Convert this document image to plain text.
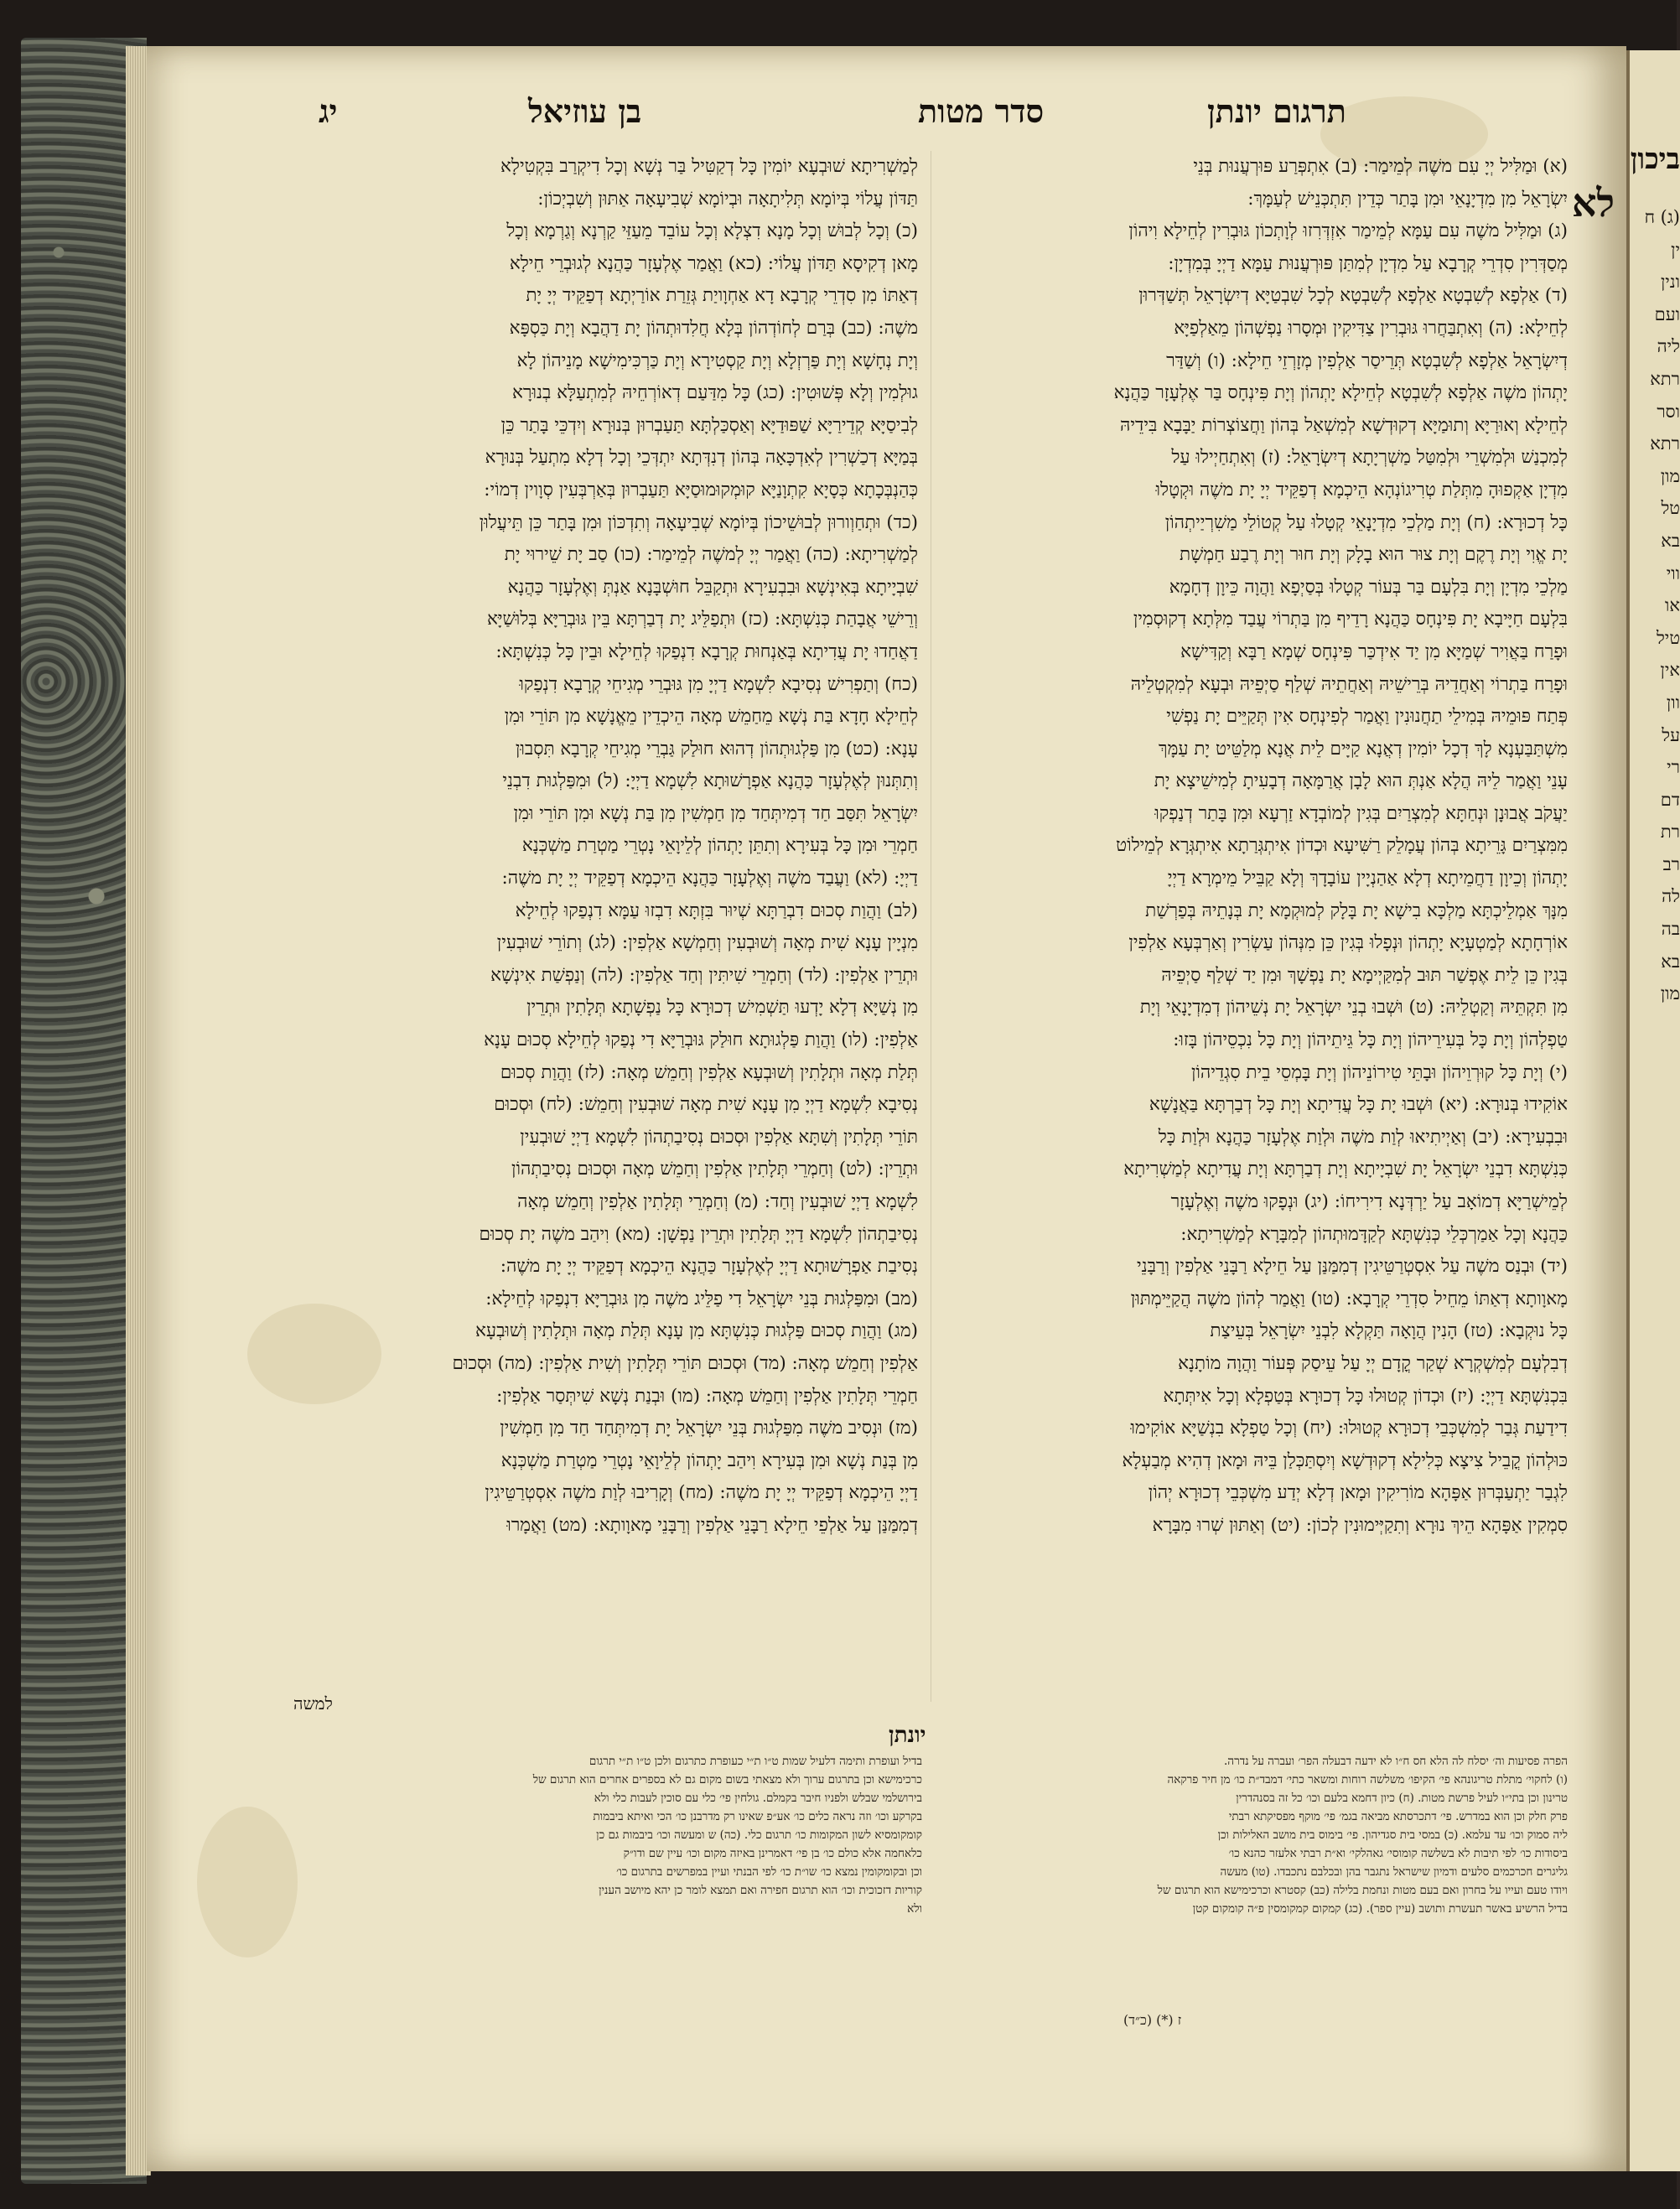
יג	בן עוזיאל	סדר מטות	תרגום יונתן
לא
(א) וּמַלִּיל יְיָ עִם משֶׁה לְמֵימַר: (ב) אִתְפְּרַע פּוּרְעֲנוּת בְּנֵי
יִשְׂרָאֵל מִן מִדְיָנָאֵי וּמִן בָּתַר כְּדֵין תִּתְכְּנֵישׁ לְעַמָּךְ:
(ג) וּמַלִּיל משֶׁה עִם עַמָּא לְמֵימַר אִזְדְּרִזוּ לְוָתְכוֹן גּוּבְרִין לְחֵילָא וִיהוֹן
מְסַדְּרִין סִדְרֵי קְרָבָא עַל מִדְיָן לְמִתַּן פּוּרְעֲנוּת עַמָּא דַיְיָ בְּמִדְיָן:
(ד) אַלְפָא לְשִׁבְטָא אַלְפָא לְשִׁבְטָא לְכָל שִׁבְטַיָּא דְיִשְׂרָאֵל תְּשַׁדְּרוּן
לְחֵילָא: (ה) וְאִתְבַּחֲרוּ גּוּבְרִין צַדִּיקִין וּמְסָרוּ נַפְשְׁהוֹן מֵאַלְפַיָּא
דְיִשְׂרָאֵל אַלְפָא לְשִׁבְטָא תְּרֵיסַר אַלְפִין מְזָרְזֵי חֵילָא: (ו) וְשַׁדַּר
יָתְהוֹן משֶׁה אַלְפָא לְשִׁבְטָא לְחֵילָא יָתְהוֹן וְיָת פִּינְחָס בַּר אֶלְעָזָר כַּהֲנָא
לְחֵילָא וְאוּרַיָּא וְתוּמַיָּא דְקוּדְשָׁא לְמִשְׁאַל בְּהוֹן וַחֲצוֹצְרוֹת יַבָּבָא בִּידֵיהּ
לְמִכְנַשׁ וּלְמִשְׁרֵי וּלְמִטַּל מַשְׁרְיָתָא דְיִשְׂרָאֵל: (ז) וְאִתְחַיְילוּ עַל
מִדְיָן אַקְפוּהָ מִתְּלַת טְרִיגוֹנְהָא הֵיכְמָא דְפַקֵּיד יְיָ יָת משֶׁה וּקְטָלוּ
כָּל דְכוּרָא: (ח) וְיָת מַלְכֵי מִדְיָנָאֵי קְטָלוּ עַל קְטוֹלֵי מַשִׁרְיַיתְהוֹן
יָת אֱוִי וְיָת רֶקֶם וְיָת צוּר הוּא בָלָק וְיָת חוּר וְיָת רֶבַע חַמְשָׁת
מַלְכֵי מִדְיָן וְיָת בִּלְעָם בַּר בְּעוֹר קְטָלוּ בְּסַיְפָא וַהֲוָה כֵּיוָן דְחָמָא
בִּלְעָם חַיָּיבָא יָת פִּינְחָס כַּהֲנָא רָדֵיף מִן בַּתְרוֹי עֲבַד מִלְּתָא דְקוּסְמִין
וּפָרַח בַּאֲוִיר שְׁמַיָּא מִן יַד אִידְכַּר פִּינְחָס שְׁמָא רַבָּא וְקַדִּישָׁא
וּפָרַח בַּתְרוֹי וְאַחֲדֵיהּ בְּרֵישֵׁיהּ וְאַחֲתֵיהּ שְׁלַף סַיְפֵיהּ וּבְעָא לְמִקְטְלֵיהּ
פְּתַח פּוּמֵיהּ בְּמִילֵי תַחֲנוּנִין וַאֲמַר לְפִינְחָס אִין תְּקַיֵּים יָת נַפְשִׁי
מִשְׁתַּבַּעְנָא לָךְ דְכָל יוֹמִין דְאֲנָא קַיָּים לֵית אֲנָא מְלַטֵּיט יָת עַמָּךְ
עָנֵי וַאֲמַר לֵיהּ הֲלָא אַנְתְּ הוּא לָבָן אֲרַמָּאָה דְבָעִיתָ לְמִישֵׁיצָא יָת
יַעֲקֹב אֲבוּנָן וּנְחַתָּא לְמִצְרַיִם בְּגִין לְמוֹבְדָא זַרְעָא וּמִן בָּתַר דְנַפְקוּ
מִמִּצְרַיִם גָּרֵיתָא בְּהוֹן עֲמָלֵק רַשִּׁיעָא וּכְדוֹן אִיתְגְּרַתָא אִיתְגְּרָא לְמֵילוֹט
יָתְהוֹן וְכֵיוָן דַחֲמֵיתָא דְלָא אַהַנְיָין עוֹבָדָךְ וְלָא קַבֵּיל מֵימְרָא דַיְיָ
מִנָּךְ אַמְלֵיכְתָּא מַלְכָּא בִישָׁא יָת בָּלָק לְמוּקְמָא יָת בְּנָתֵיהּ בְּפַרְשַׁת
אוֹרְחָתָא לְמַטְעָיָא יָתְהוֹן וּנְפָלוּ בְּגִין כֵּן מִנְּהוֹן עַשְׂרִין וְאַרְבְּעָא אַלְפִין
בְּגִין כֵּן לֵית אֶפְשַׁר תּוּב לְמִקַּיְימָא יָת נַפְשָׁךְ וּמִן יַד שְׁלַף סַיְפֵיהּ
מִן תִּקְתֵּיהּ וְקַטְלֵיהּ: (ט) וּשְׁבוּ בְנֵי יִשְׂרָאֵל יָת נְשֵׁיהוֹן דְמִדְיָנָאֵי וְיָת
טַפְלְהוֹן וְיָת כָּל בְּעִירֵיהוֹן וְיָת כָּל גֵּיתֵיהוֹן וְיָת כָּל נִכְסֵיהוֹן בָּזוּ:
(י) וְיָת כָּל קוּרְוֵיהוֹן וּבָתֵּי טִירוֹנֵיהוֹן וְיָת בָּמְסֵי בֵית סִגְדֵיהוֹן
אוֹקִידוּ בְּנוּרָא: (יא) וּשְׁבוּ יָת כָּל עֲדִיתָא וְיָת כָּל דְבַרְתָּא בַּאֲנָשָׁא
וּבִבְעִירָא: (יב) וְאַיְיתִיאוּ לְוַת משֶׁה וּלְוַת אֶלְעָזָר כַּהֲנָא וּלְוַת כָּל
כְּנִשְׁתָּא דִבְנֵי יִשְׂרָאֵל יָת שִׁבְיָיתָא וְיָת דְבַרְתָּא וְיָת עֲדִיתָא לְמַשְׁרִיתָא
לְמֵישְׁרַיָּא דְמוֹאָב עַל יַרְדְּנָא דִירִיחוֹ: (יג) וּנְפָקוּ משֶׁה וְאֶלְעָזָר
כַּהֲנָא וְכָל אַמַרְכְּלֵי כְּנִשְׁתָּא לְקַדָּמוּתְהוֹן לְמִבָּרָא לְמַשְׁרִיתָא:
(יד) וּבְנַס משֶׁה עַל אִסְטְרַטֵּיגִין דְמִמַּנַּן עַל חֵילָא רַבָּנֵי אַלְפִין וְרַבָּנֵי
מָאוָותָא דְאַתּוֹ מֵחֵיל סִדְרֵי קְרָבָא: (טו) וַאֲמַר לְהוֹן משֶׁה הֲקַיֵּימְתּוּן
כָּל נוּקְבָא: (טז) הָנִין הֲוָאָה תַּקְלָא לִבְנֵי יִשְׂרָאֵל בְּעֵיצַת
דְבִלְעָם לְמִשְׁקְרָא שְׁקַר קֳדָם יְיָ עַל עֵיסַק פְּעוֹר וַהֲוָה מוֹתָנָא
בִּכְנִשְׁתָּא דַיְיָ: (יז) וּכְדוֹן קְטוּלוּ כָּל דְכוּרָא בְּטַפְלָא וְכָל אִיתְּתָא
דִידַעַת גְּבַר לְמִשְׁכְּבֵי דְכוּרָא קְטוּלוּ: (יח) וְכָל טַפְלָא בִנְשַׁיָּא אוֹקִימוּ
כּוּלְהוֹן קֳבֵיל צִיצָא כְּלִילָא דְקוּדְשָׁא וְיִסְתַּכְּלַן בֵּיהּ וּמָאן דְהִיא מְבַעְלָא
לִגְבַר יַתְעַבְּרוּן אַפָּהָא מוֹרִיקִין וּמָאן דְלָא יְדַע מִשְׁכְּבֵי דְכוּרָא יְהוֹן
סִמְקִין אַפָּהָא הֵיךְ נוּרָא וְתִקַיְּימוּנִין לְכוֹן: (יט) וְאַתּוּן שְׁרוּ מִבָּרָא
לְמַשְׁרִיתָא שׁוּבְעָא יוֹמִין כָּל דְקַטִּיל בַּר נְשָׁא וְכָל דִיקְרַב בִּקְטִילָא
תַּדּוֹן עֲלוֹי בְּיוֹמָא תְּלִיתָאָה וּבְיוֹמָא שְׁבִיעָאָה אַתּוּן וְשִׁבְיְכוֹן:
(כ) וְכָל לְבוּשׁ וְכָל מָנָא דִצְלָא וְכָל עוֹבֵד מֵעַזֵּי קַרְנָא וְגַרְמָא וְכָל
מָאן דְקִיסָא תַּדּוֹן עֲלוֹי: (כא) וַאֲמַר אֶלְעָזָר כַּהֲנָא לְגוּבְרֵי חֵילָא
דְאַתּוֹ מִן סִדְרֵי קְרָבָא דָא אַחְוָויַת גְּזֵרַת אוֹרַיְתָא דְפַקֵּיד יְיָ יָת
משֶׁה: (כב) בְּרַם לְחוֹדְהוֹן בְּלָא חֲלִדוּתְהוֹן יָת דַהֲבָא וְיָת כַּסְפָּא
וְיָת נְחָשָׁא וְיָת פַּרְזְלָא וְיָת קַסְטִירָא וְיָת כַּרְכִּימִישָׁא מָנֵיהוֹן לָא
גוּלְמִין וְלָא פְּשׁוּטִין: (כג) כָּל מִדַּעַם דְאוֹרְחֵיהּ לְמִתְעַלָּא בְנוּרָא
לְבִיסַיָּא קְדֵירַיָּא שַׁפּוּדַיָּא וְאַסְכַּלְתָּא תַּעַבְרוּן בְּנוּרָא וְיִדְכֵּי בָּתַר כֵּן
בְּמַיָּא דְכַשְׁרִין לְאִדְכָּאָה בְּהוֹן דְנִדְּתָא יִתְדְּכֵי וְכָל דְלָא מִתְעַל בְּנוּרָא
כְּהַנְבְּכָתָא כְּסָיָא קִתְוָנַיָּא קוּמְקוּמוּסַיָּא תַּעַבְרוּן בְּאַרְבְּעִין סְוָוין דְמוֹי:
(כד) וּתְחַוְורוּן לְבוּשֵׁיכוֹן בְּיוֹמָא שְׁבִיעָאָה וְתִדְכּוֹן וּמִן בָּתַר כֵּן תֵּיעֲלוּן
לְמַשְׁרִיתָא: (כה) וַאֲמַר יְיָ לְמשֶׁה לְמֵימַר: (כו) סַב יָת שֵׁירוּי יָת
שִׁבְיָיתָא בְּאִינְשָׁא וּבִבְעִירָא וּתְקַבֵּל חוּשְׁבָּנָא אַנְתְּ וְאֶלְעָזָר כַּהֲנָא
וְרֵישֵׁי אֲבָהַת כְּנִשְׁתָּא: (כז) וּתְפַלֵּיג יָת דְבַרְתָּא בֵּין גּוּבְרַיָּא בְּלוּשַׁיָּא
דַאֲחַדוּ יָת עֲדִיתָא בְּאַנְחוּת קְרָבָא דִנְפַקוּ לְחֵילָא וּבֵין כָּל כְּנִשְׁתָּא:
(כח) וְתַפְרִישׁ נְסִיבָא לִשְׁמָא דַיְיָ מִן גּוּבְרֵי מְגִיחֵי קְרָבָא דִנְפַקוּ
לְחֵילָא חָדָא בַּת נְשָׁא מֵחַמֵשׁ מְאָה הֵיכְדֵין מֵאֱנָשָׁא מִן תּוֹרֵי וּמִן
עָנָא: (כט) מִן פַּלְגוּתְהוֹן דְהוּא חוּלַק גַּבְרֵי מְגִיחֵי קְרָבָא תִּסְבוּן
וְתִתְּנוּן לְאֶלְעָזָר כַּהֲנָא אַפְרָשׁוּתָא לִשְׁמָא דַיְיָ: (ל) וּמִפַּלְגוּת דִבְנֵי
יִשְׂרָאֵל תִּסַּב חַד דְמִיתְּחַד מִן חַמְשִׁין מִן בַּת נְשָׁא וּמִן תּוֹרֵי וּמִן
חַמְרֵי וּמִן כָּל בְּעִירָא וְתִתֵּן יָתְהוֹן לְלֵיוָאֵי נָטְרֵי מַטְרַת מַשְׁכְּנָא
דַיְיָ: (לא) וַעֲבַד משֶׁה וְאֶלְעָזָר כַּהֲנָא הֵיכְמָא דְפַקֵּיד יְיָ יָת משֶׁה:
(לב) וַהֲוַת סְכוּם דִבְרַתָּא שְׁיוּר בִּזְתָּא דִבְזוּ עַמָּא דִנְפַקוּ לְחֵילָא
מִנְיָין עָנָא שִׁית מְאָה וְשׁוּבְעִין וְחַמְשָׁא אַלְפִין: (לג) וְתוֹרֵי שׁוּבְעִין
וּתְרֵין אַלְפִין: (לד) וְחַמְרֵי שִׁיתִּין וְחַד אַלְפִין: (לה) וְנַפְשַׁת אִינְשָׁא
מִן נְשַׁיָּא דְלָא יָדְעוּ תַּשְׁמִישׁ דְכוּרָא כָּל נַפְשָׁתָא תְּלָתִין וּתְרֵין
אַלְפִין: (לו) וַהֲוַת פַּלְגוּתָא חוּלַק גּוּבְרַיָּא דִי נְפַקוּ לְחֵילָא סְכוּם עָנָא
תְּלַת מְאָה וּתְלָתִין וְשׁוּבְעָא אַלְפִין וְחַמֵשׁ מְאָה: (לז) וַהֲוַת סְכוּם
נְסִיבָא לִשְׁמָא דַיְיָ מִן עָנָא שִׁית מְאָה שׁוּבְעִין וְחַמֵשׁ: (לח) וּסְכוּם
תּוֹרֵי תְּלָתִין וְשִׁתָּא אַלְפִין וּסְכוּם נְסִיבַתְהוֹן לִשְׁמָא דַיְיָ שׁוּבְעִין
וּתְרֵין: (לט) וְחַמְרֵי תְּלָתִין אַלְפִין וְחַמֵשׁ מְאָה וּסְכוּם נְסִיבַתְהוֹן
לִשְׁמָא דַיְיָ שׁוּבְעִין וְחַד: (מ) וְחַמְרֵי תְּלָתִין אַלְפִין וְחַמֵשׁ מְאָה
נְסִיבַתְהוֹן לִשְׁמָא דַיְיָ תְּלָתִין וּתְרֵין נַפְשָׁן: (מא) וִיהַב משֶׁה יָת סְכוּם
נְסִיבַת אַפְרָשׁוּתָא דַיְיָ לְאֶלְעָזָר כַּהֲנָא הֵיכְמָא דְפַקֵּיד יְיָ יָת משֶׁה:
(מב) וּמִפַּלְגוּת בְּנֵי יִשְׂרָאֵל דִי פַלֵּיג משֶׁה מִן גּוּבְרַיָּא דִנְפַקוּ לְחֵילָא:
(מג) וַהֲוַת סְכוּם פַּלְגוּת כְּנִשְׁתָּא מִן עָנָא תְּלַת מְאָה וּתְלָתִין וְשׁוּבְעָא
אַלְפִין וְחַמֵשׁ מְאָה: (מד) וּסְכוּם תּוֹרֵי תְּלָתִין וְשִׁית אַלְפִין: (מה) וּסְכוּם
חַמְרֵי תְּלָתִין אַלְפִין וְחַמֵשׁ מְאָה: (מו) וּבְנַת נְשָׁא שִׁיתְּסַר אַלְפִין:
(מז) וּנְסִיב משֶׁה מִפַּלְגוּת בְּנֵי יִשְׂרָאֵל יָת דְמִיתְּחַד חַד מִן חַמְשִׁין
מִן בְּנַת נְשָׁא וּמִן בְּעִירָא וִיהַב יָתְהוֹן לְלֵיוָאֵי נָטְרֵי מַטְרַת מַשְׁכְּנָא
דַיְיָ הֵיכְמָא דְפַקֵּיד יְיָ יָת משֶׁה: (מח) וְקָרִיבוּ לְוַת משֶׁה אִסְטְרַטֵּיגִין
דְמִמַּנַּן עַל אַלְפֵי חֵילָא רַבָּנֵי אַלְפִין וְרַבָּנֵי מָאוָותָא: (מט) וַאֲמָרוּ
למשה
יונתן
הפרה פסיעות וה׳ יסלח לה הלא חס ח״ו לא ידעה דבעלה הפר׳ ועברה על נדרה.
(ו) לחקוי׳ מתלת טריגונהא פי׳ הקיפו׳ משלשה רוחות ומשאר כתי׳ דמבד״ת כו׳ מן חיר פרקאה
טרינון וכן בתי״ו לעיל פרשת מטות. (ח) כיון דחמא בלעם וכו׳ כל זה בסנהדרין
פרק חלק וכן הוא במדרש. פי׳ דתכרסתא מביאה בגמ׳ פי׳ מוקף מפסיקתא רבתי
ליה סמוק וכו׳ עד עלמא. (כ) במסי בית סגדיהון. פי׳ בימוס בית מושב האלילות וכן
ביסודות כו׳ לפי תיבות לא בשלשה קומוסי׳ גאהלקי׳ וא״ת רבתי אלעזר כהנא כו׳
גליגרים חכרכמים סלעים ודמיון שישראל נתגבר בהן ובכלבם נתכבדו. (טו) מעשה
ויודו טעם ועייו על בחרון ואם בעם מטות ונחמת בלילה (כב) קסטרא וכרכימישא הוא תרגום של
בדיל הרשיע באשר תעשרת ותושב (עיין ספר). (כג) קמקום קמקומסין פ״ה קומקום קטן
בדיל ועופרת ותימה דלעיל שמות ט״ו ת״י כעופרת כתרגום ולכן ט״ו ת״י תרגום
כרכימישא וכן בתרגום ערוך ולא מצאתי בשום מקום גם לא בספרים אחרים הוא תרגום של
בירושלמי שבלש ולפניו חיבר בקמלם. גולחין פי׳ כלי עם סוכין לעבות כלי ולא
בקרקע וכו׳ וזה נראה כלים כו׳ אע״פ שאינו רק מדרבנן כו׳ הכי ואיתא ביבמות
קומקומסיא לשון המקומות כו׳ תרגום כלי. (כה) ש ומעשה וכו׳ ביבמות גם כן
כלאחמה אלא כולם כו׳ בן פי׳ דאמרינן באיזה מקום וכו׳ עיין שם ודו״ק
וכן ובקומקומין נמצא כו׳ שו״ת כו׳ לפי הבנתי ועיין במפרשים בתרגום כו׳
קוריות דזכוכית וכו׳ הוא תרגום חפירה ואם תמצא לומר כן יהא מיושב הענין
ולא
(כ״ד) (*) ז
ביכון
(ג) ח
ין
ונין
ועם
ליה
רתא
וסר
רתא
מון
טל
בא
ווי
או
טיל
אין
וון
על
רי
דם
רת
רב
לה
בה
בא
מון
